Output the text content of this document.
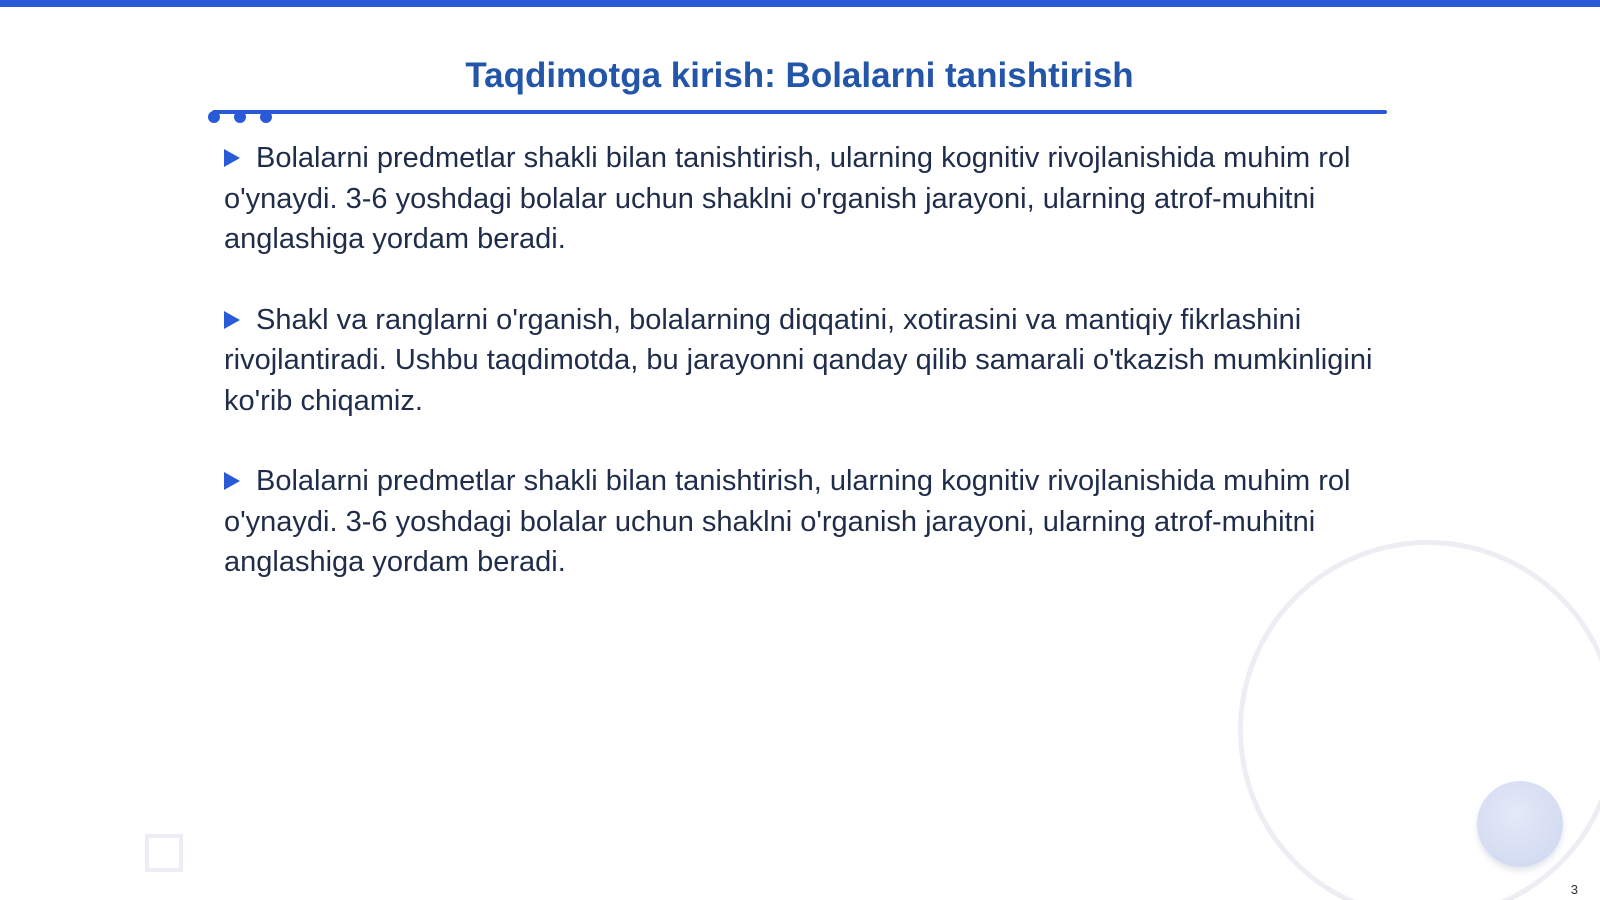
Taqdimotga kirish: Bolalarni tanishtirish

Bolalarni predmetlar shakli bilan tanishtirish, ularning kognitiv rivojlanishida muhim rol o'ynaydi. 3-6 yoshdagi bolalar uchun shaklni o'rganish jarayoni, ularning atrof-muhitni anglashiga yordam beradi.

Shakl va ranglarni o'rganish, bolalarning diqqatini, xotirasini va mantiqiy fikrlashini rivojlantiradi. Ushbu taqdimotda, bu jarayonni qanday qilib samarali o'tkazish mumkinligini ko'rib chiqamiz.

Bolalarni predmetlar shakli bilan tanishtirish, ularning kognitiv rivojlanishida muhim rol o'ynaydi. 3-6 yoshdagi bolalar uchun shaklni o'rganish jarayoni, ularning atrof-muhitni anglashiga yordam beradi.

3
